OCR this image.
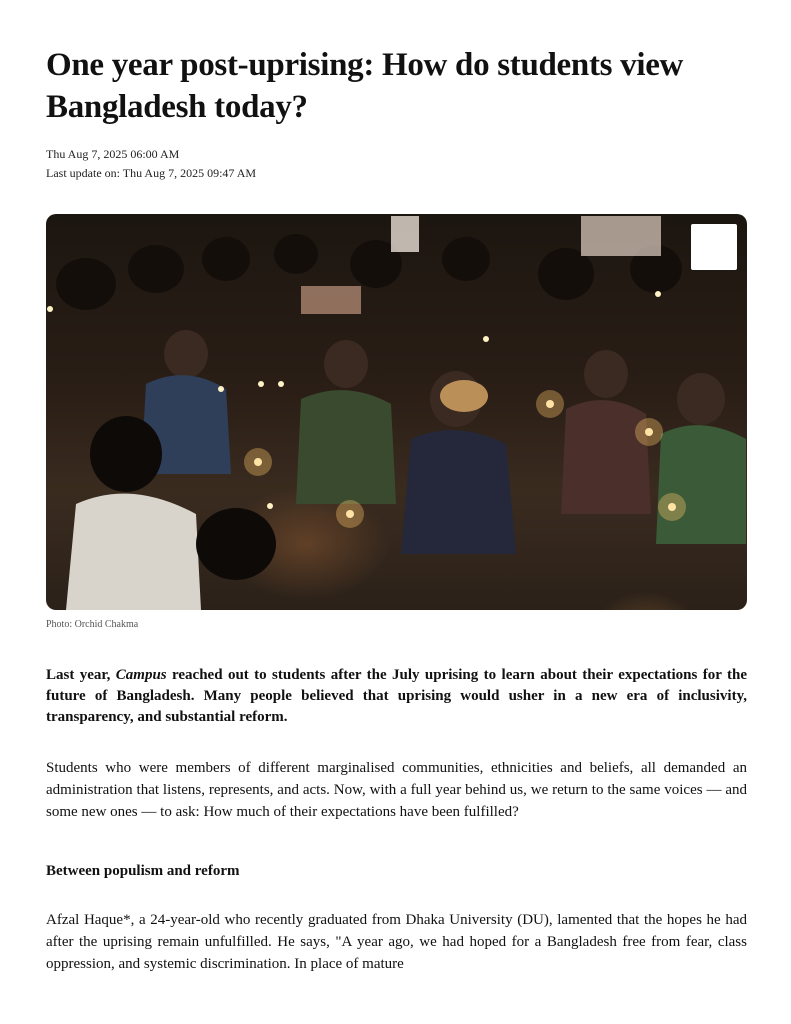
One year post-uprising: How do students view Bangladesh today?
Thu Aug 7, 2025 06:00 AM
Last update on: Thu Aug 7, 2025 09:47 AM
Photo: Orchid Chakma

Last year, Campus reached out to students after the July uprising to learn about their expectations for the future of Bangladesh. Many people believed that uprising would usher in a new era of inclusivity, transparency, and substantial reform.

Students who were members of different marginalised communities, ethnicities and beliefs, all demanded an administration that listens, represents, and acts. Now, with a full year behind us, we return to the same voices — and some new ones — to ask: How much of their expectations have been fulfilled?

Between populism and reform

Afzal Haque*, a 24-year-old who recently graduated from Dhaka University (DU), lamented that the hopes he had after the uprising remain unfulfilled. He says, "A year ago, we had hoped for a Bangladesh free from fear, class oppression, and systemic discrimination. In place of mature
